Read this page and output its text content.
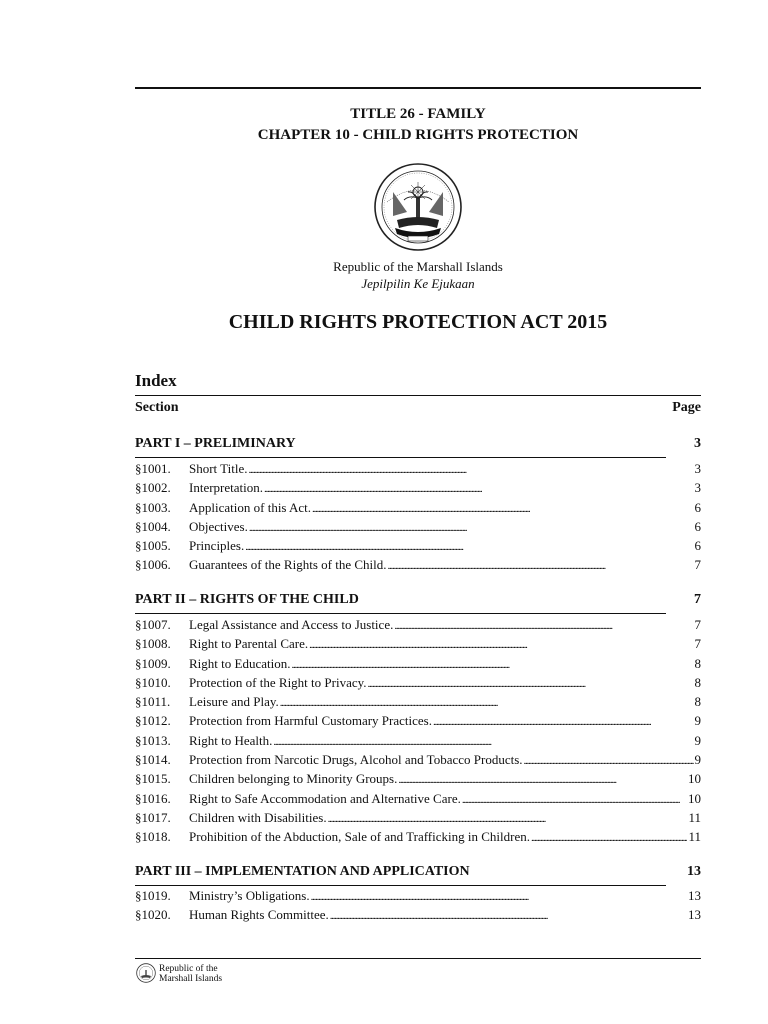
TITLE 26 - FAMILY
CHAPTER 10 - CHILD RIGHTS PROTECTION
Republic of the Marshall Islands
Jepilpilin Ke Ejukaan
CHILD RIGHTS PROTECTION ACT 2015
Index
Section	Page
PART I – PRELIMINARY	3
§1001.	Short Title. . . .	3
§1002.	Interpretation. . . .	3
§1003.	Application of this Act. . . .	6
§1004.	Objectives. . . .	6
§1005.	Principles. . . .	6
§1006.	Guarantees of the Rights of the Child. . . .	7
PART II – RIGHTS OF THE CHILD	7
§1007.	Legal Assistance and Access to Justice. . . .	7
§1008.	Right to Parental Care. . . .	7
§1009.	Right to Education. . . .	8
§1010.	Protection of the Right to Privacy. . . .	8
§1011.	Leisure and Play. . . .	8
§1012.	Protection from Harmful Customary Practices. . . .	9
§1013.	Right to Health. . . .	9
§1014.	Protection from Narcotic Drugs, Alcohol and Tobacco Products. . . .	9
§1015.	Children belonging to Minority Groups. . . .	10
§1016.	Right to Safe Accommodation and Alternative Care. . . .	10
§1017.	Children with Disabilities. . . .	11
§1018.	Prohibition of the Abduction, Sale of and Trafficking in Children. . . .	11
PART III – IMPLEMENTATION AND APPLICATION	13
§1019.	Ministry’s Obligations. . . .	13
§1020.	Human Rights Committee. . . .	13
Republic of the
Marshall Islands
